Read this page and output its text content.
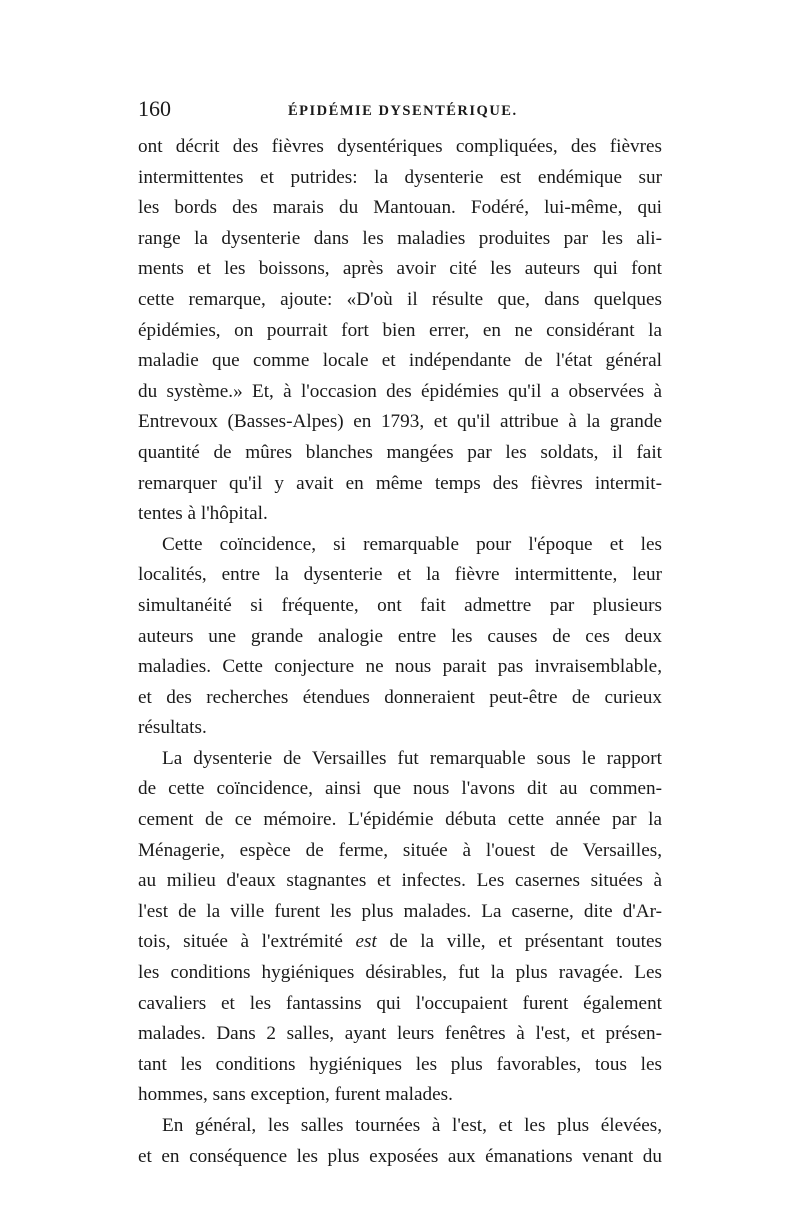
160	ÉPIDÉMIE DYSENTÉRIQUE.

ont décrit des fièvres dysentériques compliquées, des fièvres
intermittentes et putrides: la dysenterie est endémique sur
les bords des marais du Mantouan. Fodéré, lui-même, qui
range la dysenterie dans les maladies produites par les ali-
ments et les boissons, après avoir cité les auteurs qui font
cette remarque, ajoute: «D'où il résulte que, dans quelques
épidémies, on pourrait fort bien errer, en ne considérant la
maladie que comme locale et indépendante de l'état général
du système.» Et, à l'occasion des épidémies qu'il a observées à
Entrevoux (Basses-Alpes) en 1793, et qu'il attribue à la grande
quantité de mûres blanches mangées par les soldats, il fait
remarquer qu'il y avait en même temps des fièvres intermit-
tentes à l'hôpital.

Cette coïncidence, si remarquable pour l'époque et les
localités, entre la dysenterie et la fièvre intermittente, leur
simultanéité si fréquente, ont fait admettre par plusieurs
auteurs une grande analogie entre les causes de ces deux
maladies. Cette conjecture ne nous parait pas invraisemblable,
et des recherches étendues donneraient peut-être de curieux
résultats.

La dysenterie de Versailles fut remarquable sous le rapport
de cette coïncidence, ainsi que nous l'avons dit au commen-
cement de ce mémoire. L'épidémie débuta cette année par la
Ménagerie, espèce de ferme, située à l'ouest de Versailles,
au milieu d'eaux stagnantes et infectes. Les casernes situées à
l'est de la ville furent les plus malades. La caserne, dite d'Ar-
tois, située à l'extrémité est de la ville, et présentant toutes
les conditions hygiéniques désirables, fut la plus ravagée. Les
cavaliers et les fantassins qui l'occupaient furent également
malades. Dans 2 salles, ayant leurs fenêtres à l'est, et présen-
tant les conditions hygiéniques les plus favorables, tous les
hommes, sans exception, furent malades.

En général, les salles tournées à l'est, et les plus élevées,
et en conséquence les plus exposées aux émanations venant du
